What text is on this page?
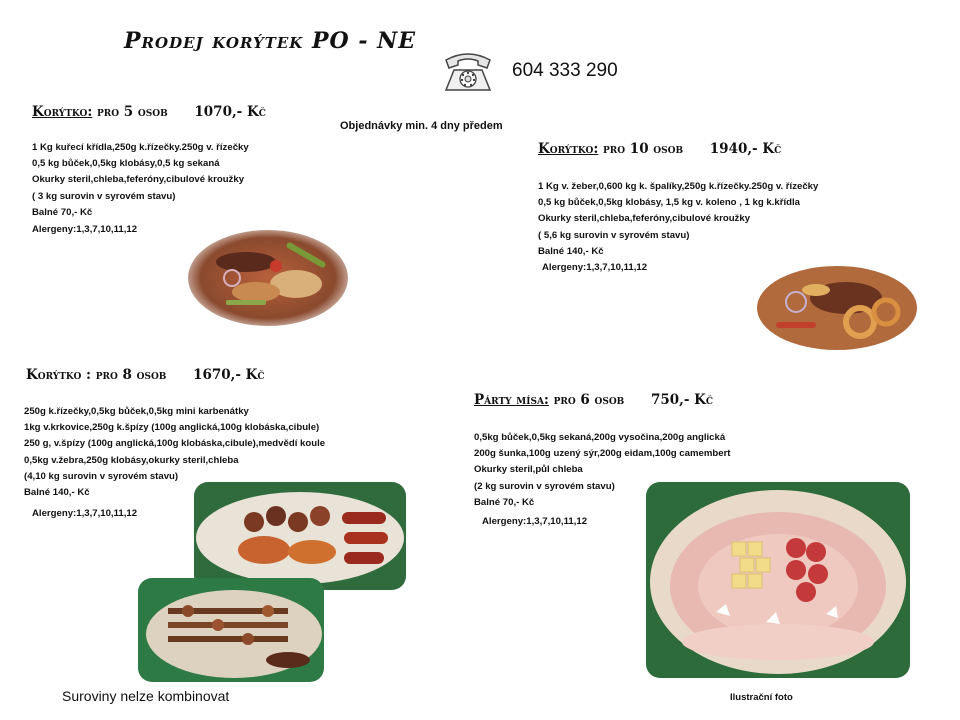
Prodej korýtek PO - NE
604 333 290
Objednávky min. 4 dny předem
Korýtko: pro 5 osob 1070,- Kč
1 Kg kuřecí křídla,250g k.řízečky.250g v. řízečky
0,5 kg bůček,0,5kg klobásy,0,5 kg sekaná
Okurky steril,chleba,feferóny,cibulové kroužky
( 3 kg surovin v syrovém stavu)
Balné 70,- Kč
Alergeny:1,3,7,10,11,12
Korýtko: pro 10 osob 1940,- Kč
1 Kg v. žeber,0,600 kg k. špalíky,250g k.řízečky.250g v. řízečky
0,5 kg bůček,0,5kg klobásy, 1,5 kg v. koleno , 1 kg k.křídla
Okurky steril,chleba,feferóny,cibulové kroužky
( 5,6 kg surovin v syrovém stavu)
Balné 140,- Kč
Alergeny:1,3,7,10,11,12
Korýtko : pro 8 osob 1670,- Kč
250g k.řízečky,0,5kg bůček,0,5kg mini karbenátky
1kg v.krkovice,250g k.špízy (100g anglická,100g klobáska,cibule)
250 g, v.špízy (100g anglická,100g klobáska,cibule),medvědí koule
0,5kg v.žebra,250g klobásy,okurky steril,chleba
(4,10 kg surovin v syrovém stavu)
Balné 140,- Kč
Alergeny:1,3,7,10,11,12
Párty mísa: pro 6 osob 750,- Kč
0,5kg bůček,0,5kg sekaná,200g vysočina,200g anglická
200g šunka,100g uzený sýr,200g eidam,100g camembert
Okurky steril,půl chleba
(2 kg surovin v syrovém stavu)
Balné 70,- Kč
Alergeny:1,3,7,10,11,12
Suroviny nelze kombinovat	Ilustrační foto
